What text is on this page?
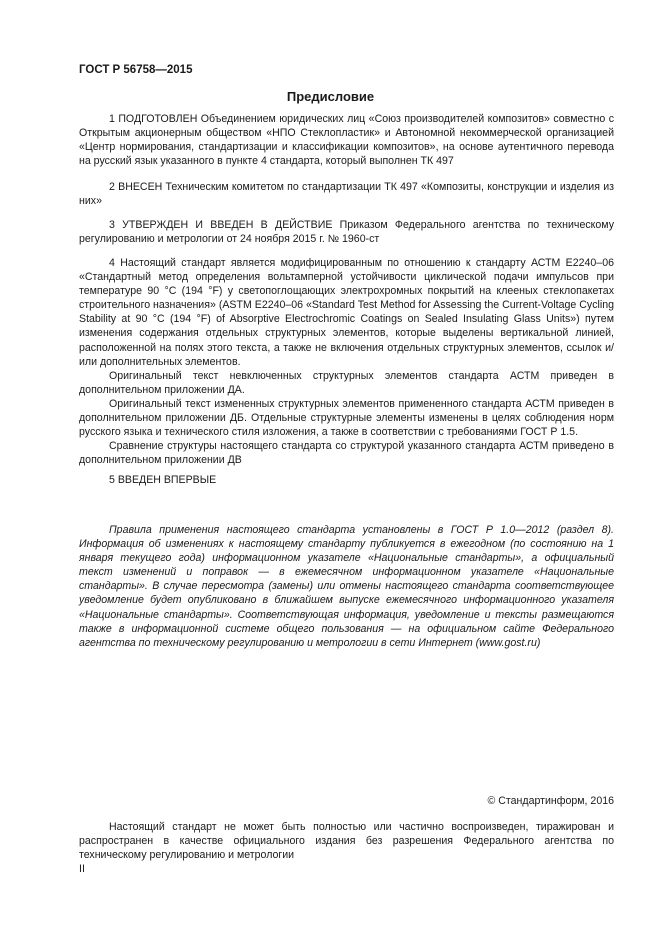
ГОСТ Р 56758—2015
Предисловие

1 ПОДГОТОВЛЕН Объединением юридических лиц «Союз производителей композитов» совместно с Открытым акционерным обществом «НПО Стеклопластик» и Автономной некоммерческой организацией «Центр нормирования, стандартизации и классификации композитов», на основе аутентичного перевода на русский язык указанного в пункте 4 стандарта, который выполнен ТК 497

2 ВНЕСЕН Техническим комитетом по стандартизации ТК 497 «Композиты, конструкции и изделия из них»

3 УТВЕРЖДЕН И ВВЕДЕН В ДЕЙСТВИЕ Приказом Федерального агентства по техническому регулированию и метрологии от 24 ноября 2015 г. № 1960-ст

4 Настоящий стандарт является модифицированным по отношению к стандарту АСТМ Е2240–06 «Стандартный метод определения вольтамперной устойчивости циклической подачи импульсов при температуре 90 °С (194 °F) у светопоглощающих электрохромных покрытий на клееных стеклопакетах строительного назначения» (ASTM E2240–06 «Standard Test Method for Assessing the Current-Voltage Cycling Stability at 90 °C (194 °F) of Absorptive Electrochromic Coatings on Sealed Insulating Glass Units») путем изменения содержания отдельных структурных элементов, которые выделены вертикальной линией, расположенной на полях этого текста, а также не включения отдельных структурных элементов, ссылок и/или дополнительных элементов.

Оригинальный текст невключенных структурных элементов стандарта АСТМ приведен в дополнительном приложении ДА.

Оригинальный текст измененных структурных элементов примененного стандарта АСТМ приведен в дополнительном приложении ДБ. Отдельные структурные элементы изменены в целях соблюдения норм русского языка и технического стиля изложения, а также в соответствии с требованиями ГОСТ Р 1.5.

Сравнение структуры настоящего стандарта со структурой указанного стандарта АСТМ приведено в дополнительном приложении ДВ

5 ВВЕДЕН ВПЕРВЫЕ

Правила применения настоящего стандарта установлены в ГОСТ Р 1.0—2012 (раздел 8). Информация об изменениях к настоящему стандарту публикуется в ежегодном (по состоянию на 1 января текущего года) информационном указателе «Национальные стандарты», а официальный текст изменений и поправок — в ежемесячном информационном указателе «Национальные стандарты». В случае пересмотра (замены) или отмены настоящего стандарта соответствующее уведомление будет опубликовано в ближайшем выпуске ежемесячного информационного указателя «Национальные стандарты». Соответствующая информация, уведомление и тексты размещаются также в информационной системе общего пользования — на официальном сайте Федерального агентства по техническому регулированию и метрологии в сети Интернет (www.gost.ru)

© Стандартинформ, 2016

Настоящий стандарт не может быть полностью или частично воспроизведен, тиражирован и распространен в качестве официального издания без разрешения Федерального агентства по техническому регулированию и метрологии

II
